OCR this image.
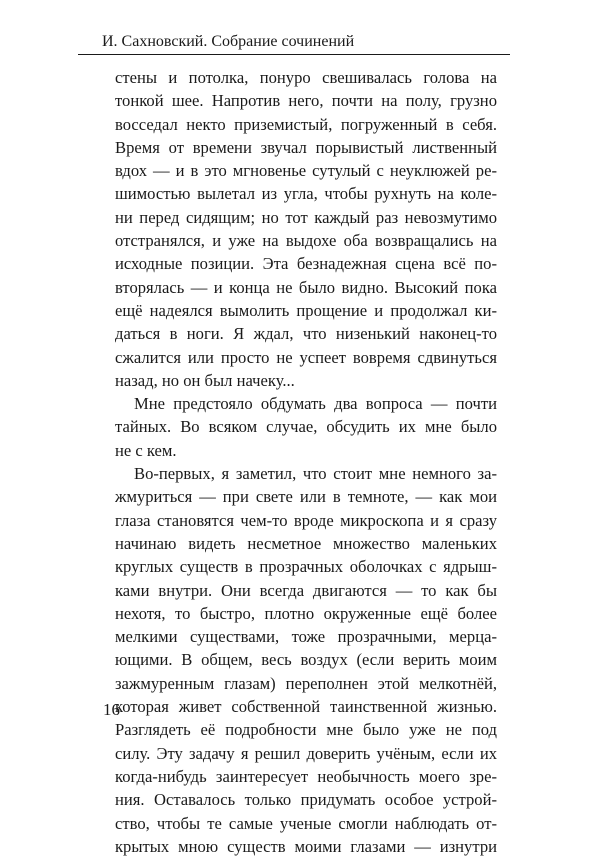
И. Сахновский. Собрание сочинений
стены и потолка, понуро свешивалась голова на
тонкой шее. Напротив него, почти на полу, грузно
восседал некто приземистый, погруженный в себя.
Время от времени звучал порывистый лиственный
вдох — и в это мгновенье сутулый с неуклюжей ре-
шимостью вылетал из угла, чтобы рухнуть на коле-
ни перед сидящим; но тот каждый раз невозмутимо
отстранялся, и уже на выдохе оба возвращались на
исходные позиции. Эта безнадежная сцена всё по-
вторялась — и конца не было видно. Высокий пока
ещё надеялся вымолить прощение и продолжал ки-
даться в ноги. Я ждал, что низенький наконец-то
сжалится или просто не успеет вовремя сдвинуться
назад, но он был начеку...
Мне предстояло обдумать два вопроса — почти
тайных. Во всяком случае, обсудить их мне было
не с кем.
Во-первых, я заметил, что стоит мне немного за-
жмуриться — при свете или в темноте, — как мои
глаза становятся чем-то вроде микроскопа и я сразу
начинаю видеть несметное множество маленьких
круглых существ в прозрачных оболочках с ядрыш-
ками внутри. Они всегда двигаются — то как бы
нехотя, то быстро, плотно окруженные ещё более
мелкими существами, тоже прозрачными, мерца-
ющими. В общем, весь воздух (если верить моим
зажмуренным глазам) переполнен этой мелкотнёй,
которая живет собственной таинственной жизнью.
Разглядеть её подробности мне было уже не под
силу. Эту задачу я решил доверить учёным, если их
когда-нибудь заинтересует необычность моего зре-
ния. Оставалось только придумать особое устрой-
ство, чтобы те самые ученые смогли наблюдать от-
крытых мною существ моими глазами — изнутри
16
